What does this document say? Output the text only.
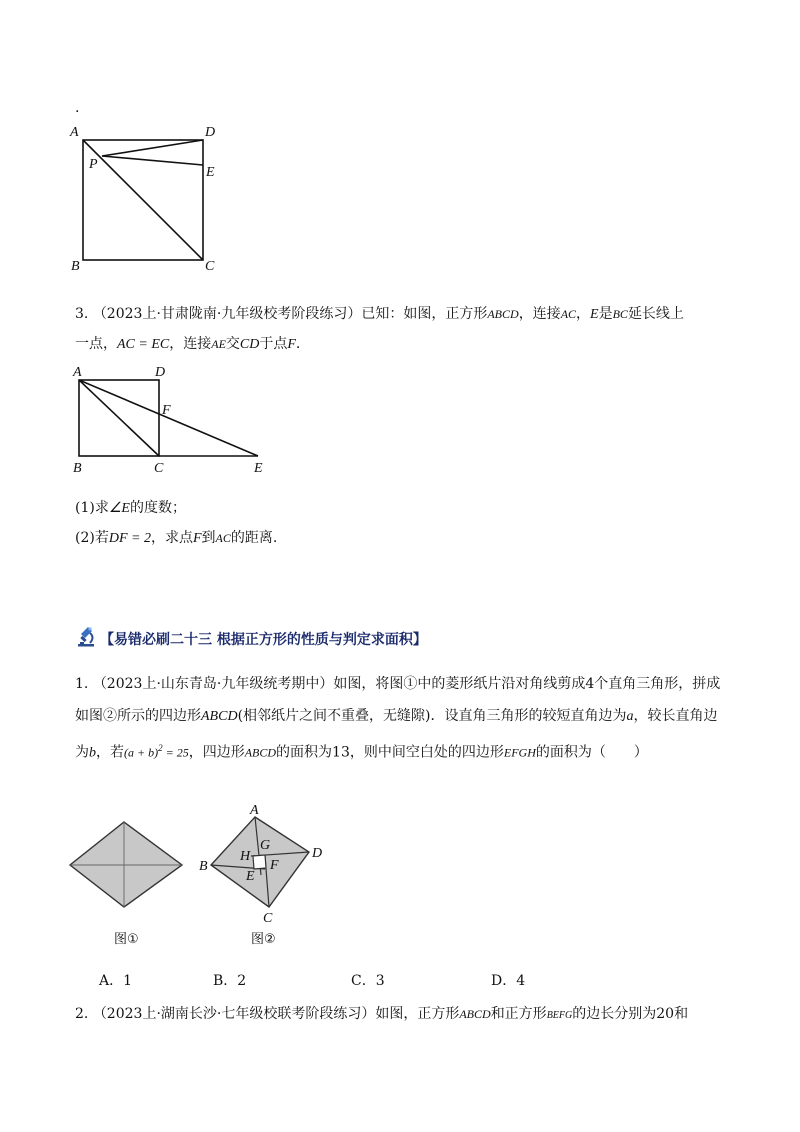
.
A	D
P
E
B	C
3. （2023上·甘肃陇南·九年级校考阶段练习）已知：如图，正方形ABCD，连接AC，E是BC延长线上
一点，AC = EC，连接AE交CD于点F.
A	D
F
B	C	E
(1)求∠E的度数；
(2)若DF = 2，求点F到AC的距离.
【易错必刷二十三 根据正方形的性质与判定求面积】
1. （2023上·山东青岛·九年级统考期中）如图，将图①中的菱形纸片沿对角线剪成4个直角三角形，拼成
如图②所示的四边形ABCD(相邻纸片之间不重叠，无缝隙)．设直角三角形的较短直角边为a，较长直角边
为b，若$(a + b)^2 = 25$，四边形ABCD的面积为13，则中间空白处的四边形EFGH的面积为（　　）
A
B
D
C
G
H
F
E
图①	图②
A．1	B．2	C．3	D．4
2. （2023上·湖南长沙·七年级校联考阶段练习）如图，正方形ABCD和正方形BEFG的边长分别为20和
